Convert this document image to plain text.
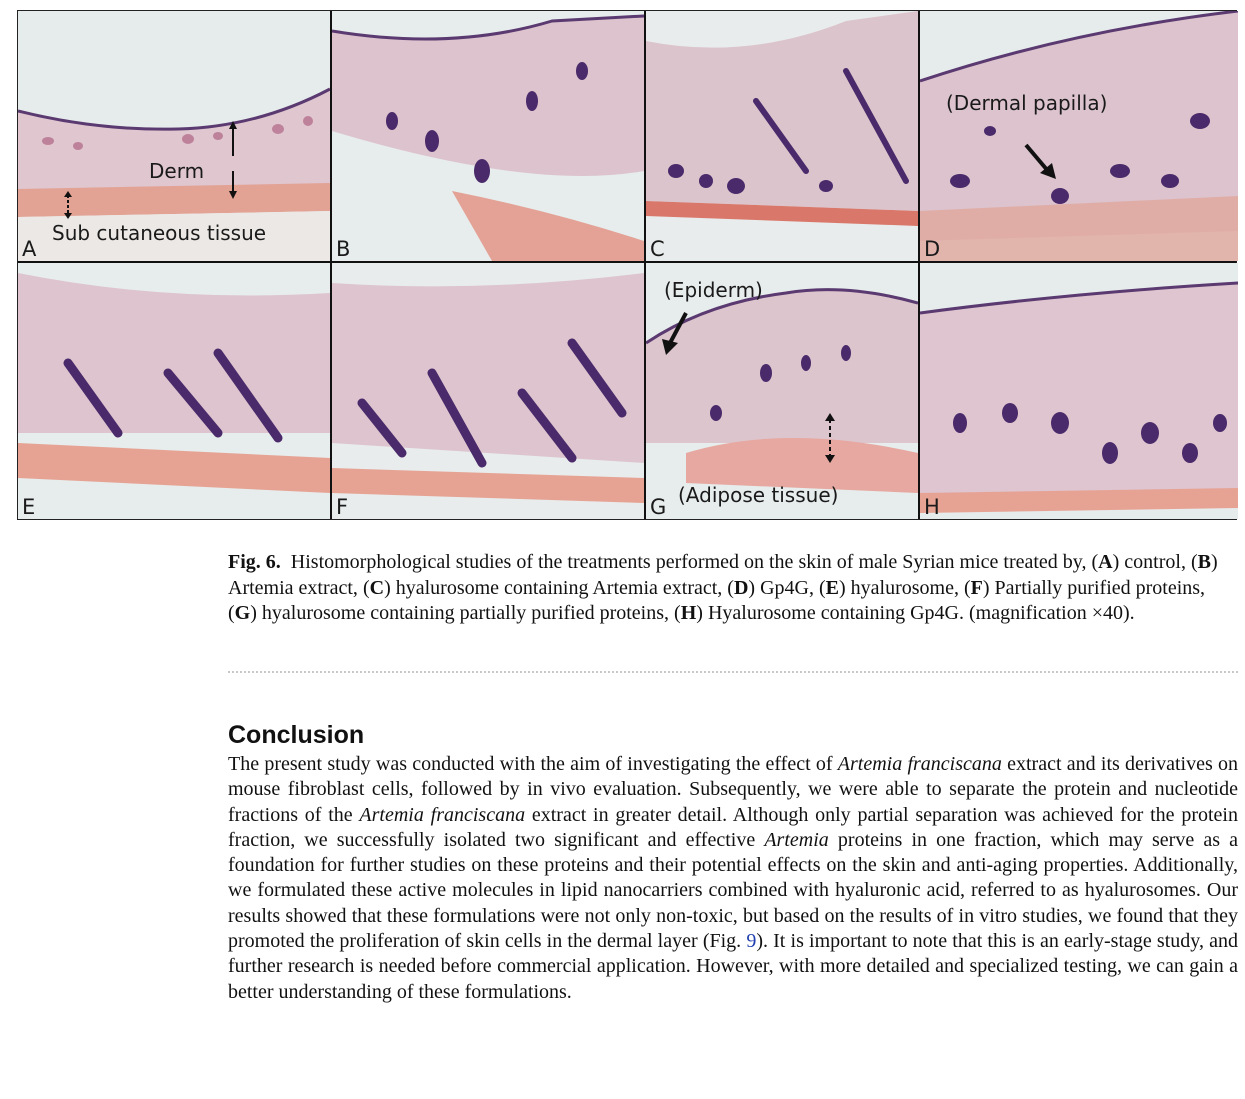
Derm
Sub cutaneous tissue
A	B	C
(Dermal papilla)
D
E	F
(Epiderm)
(Adipose tissue)
G	H
Fig. 6. Histomorphological studies of the treatments performed on the skin of male Syrian mice treated by, (A) control, (B) Artemia extract, (C) hyalurosome containing Artemia extract, (D) Gp4G, (E) hyalurosome, (F) Partially purified proteins, (G) hyalurosome containing partially purified proteins, (H) Hyalurosome containing Gp4G. (magnification ×40).
Conclusion
The present study was conducted with the aim of investigating the effect of Artemia franciscana extract and its derivatives on mouse fibroblast cells, followed by in vivo evaluation. Subsequently, we were able to separate the protein and nucleotide fractions of the Artemia franciscana extract in greater detail. Although only partial separation was achieved for the protein fraction, we successfully isolated two significant and effective Artemia proteins in one fraction, which may serve as a foundation for further studies on these proteins and their potential effects on the skin and anti-aging properties. Additionally, we formulated these active molecules in lipid nanocarriers combined with hyaluronic acid, referred to as hyalurosomes. Our results showed that these formulations were not only non-toxic, but based on the results of in vitro studies, we found that they promoted the proliferation of skin cells in the dermal layer (Fig. 9). It is important to note that this is an early-stage study, and further research is needed before commercial application. However, with more detailed and specialized testing, we can gain a better understanding of these formulations.
